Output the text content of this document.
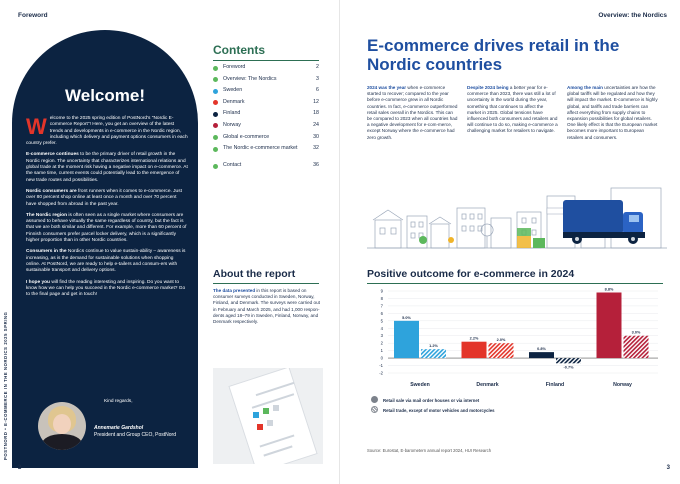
Foreword
POSTNORD • E-COMMERCE IN THE NORDICS 2025 SPRING
Welcome!

Welcome to the 2025 spring edition of PostNord's "Nordic E-commerce Report"! Here, you get an overview of the latest trends and developments in e-commerce in the Nordic region, including which delivery and payment options consumers in each country prefer.

E-commerce continues to be the primary driver of retail growth in the Nordic region. The uncertainty that characterizes international relations and global trade at the moment risk having a negative impact on e-commerce. At the same time, current events could potentially lead to the emergence of new trade routes and possibilities.

Nordic consumers are front runners when it comes to e-commerce. Just over 80 percent shop online at least once a month and over 70 percent have shopped from abroad in the past year.

The Nordic region is often seen as a single market where consumers are assumed to behave virtually the same regardless of country, but the fact is that we are both similar and different. For example, more than 60 percent of Finnish consumers prefer parcel locker delivery, which is a significantly higher proportion than in other Nordic countries.

Consumers in the Nordics continue to value sustain-ability – awareness is increasing, as is the demand for sustainable solutions when shopping online. At PostNord, we are ready to help e-tailers and consum-ers with sustainable transport and delivery options.

I hope you will find the reading interesting and inspiring. Do you want to know how we can help you succeed in the Nordic e-commerce market? Go to the final page and get in touch!

Kind regards,
Annemarie Gardshol
President and Group CEO, PostNord
Contents
Foreword	2
Overview: The Nordics	3
Sweden	6
Denmark	12
Finland	18
Norway	24
Global e-commerce	30
The Nordic e-commerce market	32
Contact	36
About the report
The data presented in this report is based on consumer surveys conducted in Sweden, Norway, Finland, and Denmark. The surveys were carried out in February and March 2025, and had 1,000 respon-dents aged 18–79 in Sweden, Finland, Norway, and Denmark respectively.
2
Overview: the Nordics
E-commerce drives retail in the Nordic countries
2024 was the year when e-commerce started to recover; compared to the year before e-commerce grew in all Nordic countries. In fact, e-commerce outperformed retail sales overall in the Nordics. This can be compared to 2023 when all countries had a negative development for e-com-merce, except Norway where the e-commerce had zero growth.
Despite 2024 being a better year for e-commerce than 2023, there was still a lot of uncertainty in the world during the year, something that continues to affect the market in 2025. Global tensions have influenced both consumers and retailers and will continue to do so, making e-commerce a challenging market for retailers to navigate.
Among the main uncertainties are how the global tariffs will be regulated and how they will impact the market. E-commerce is highly global, and tariffs and trade barriers can affect everything from supply chains to expansion possibilities for global retailers. One likely effect is that the European market becomes more important to European retailers and consumers.
Positive outcome for e-commerce in 2024
9
8
7
6
5
4
3
2
1
0
-1
-2
5.0%
1.2%
Sweden
2.2%	2.0%
Denmark
0.8%
-0.7%
Finland
8.8%
3.0%
Norway
Retail sale via mail order houses or via internet
Retail trade, except of motor vehicles and motorcycles
Source: Eurostat, E-barometern annual report 2024, HUI Research
3
